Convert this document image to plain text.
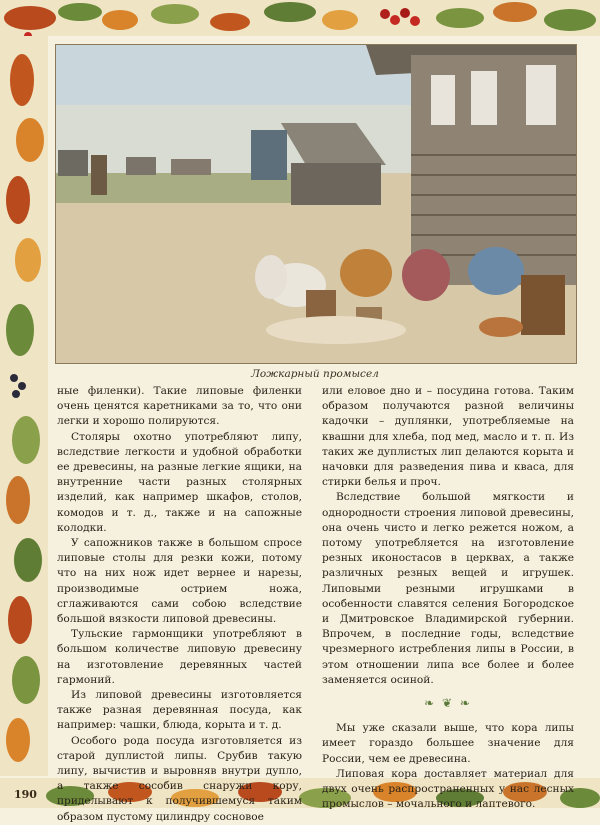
Ложкарный промысел

ные филенки). Такие липовые филенки очень ценятся каретниками за то, что они легки и хорошо полируются.

Столяры охотно употребляют липу, вследствие легкости и удобной обработки ее древесины, на разные легкие ящики, на внутренние части разных столярных изделий, как например шкафов, столов, комодов и т. д., также и на сапожные колодки.

У сапожников также в большом спросе липовые столы для резки кожи, потому что на них нож идет вернее и нарезы, производимые острием ножа, сглаживаются сами собою вследствие большой вязкости липовой древесины.

Тульские гармонщики употребляют в большом количестве липовую древесину на изготовление деревянных частей гармоний.

Из липовой древесины изготовляется также разная деревянная посуда, как например: чашки, блюда, корыта и т. д.

Особого рода посуда изготовляется из старой дуплистой липы. Срубив такую липу, вычистив и выровняв внутри дупло, а также сособив снаружи кору, приделывают к получившемуся таким образом пустому цилиндру сосновое

или еловое дно и – посудина готова. Таким образом получаются разной величины кадочки – дуплянки, употребляемые на квашни для хлеба, под мед, масло и т. п. Из таких же дуплистых лип делаются корыта и начовки для разведения пива и кваса, для стирки белья и проч.

Вследствие большой мягкости и однородности строения липовой древесины, она очень чисто и легко режется ножом, а потому употребляется на изготовление резных иконостасов в церквах, а также различных резных вещей и игрушек. Липовыми резными игрушками в особенности славятся селения Богородское и Дмитровское Владимирской губернии. Впрочем, в последние годы, вследствие чрезмерного истребления липы в России, в этом отношении липа все более и более заменяется осиной.

❧ ❦ ❧

Мы уже сказали выше, что кора липы имеет гораздо большее значение для России, чем ее древесина.

Липовая кора доставляет материал для двух очень распространенных у нас лесных промыслов – мочального и лаптевого.

190
